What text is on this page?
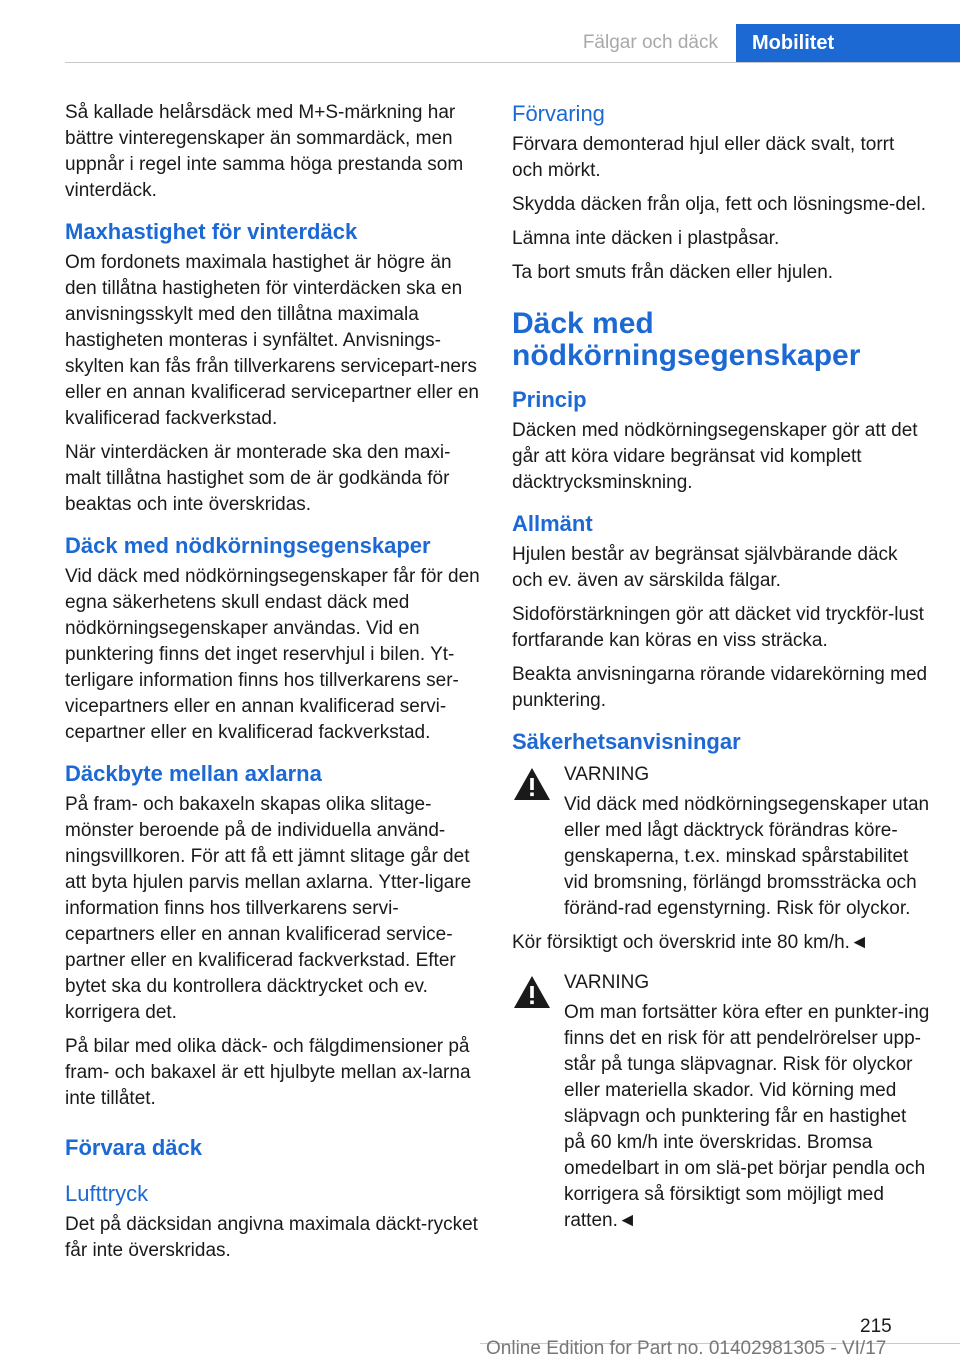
Fälgar och däck	Mobilitet

Så kallade helårsdäck med M+S-märkning har bättre vinteregenskaper än sommardäck, men uppnår i regel inte samma höga prestanda som vinterdäck.

Maxhastighet för vinterdäck

Om fordonets maximala hastighet är högre än den tillåtna hastigheten för vinterdäcken ska en anvisningsskylt med den tillåtna maximala hastigheten monteras i synfältet. Anvisnings-skylten kan fås från tillverkarens servicepart-ners eller en annan kvalificerad servicepartner eller en kvalificerad fackverkstad.

När vinterdäcken är monterade ska den maxi-malt tillåtna hastighet som de är godkända för beaktas och inte överskridas.

Däck med nödkörningsegenskaper

Vid däck med nödkörningsegenskaper får för den egna säkerhetens skull endast däck med nödkörningsegenskaper användas. Vid en punktering finns det inget reservhjul i bilen. Yt-terligare information finns hos tillverkarens ser-vicepartners eller en annan kvalificerad servi-cepartner eller en kvalificerad fackverkstad.

Däckbyte mellan axlarna

På fram- och bakaxeln skapas olika slitage-mönster beroende på de individuella använd-ningsvillkoren. För att få ett jämnt slitage går det att byta hjulen parvis mellan axlarna. Ytter-ligare information finns hos tillverkarens servi-cepartners eller en annan kvalificerad service-partner eller en kvalificerad fackverkstad. Efter bytet ska du kontrollera däcktrycket och ev. korrigera det.

På bilar med olika däck- och fälgdimensioner på fram- och bakaxel är ett hjulbyte mellan ax-larna inte tillåtet.

Förvara däck
Lufttryck

Det på däcksidan angivna maximala däckt-rycket får inte överskridas.

Förvaring

Förvara demonterad hjul eller däck svalt, torrt och mörkt.

Skydda däcken från olja, fett och lösningsme-del.

Lämna inte däcken i plastpåsar.

Ta bort smuts från däcken eller hjulen.

Däck med nödkörningsegenskaper
Princip

Däcken med nödkörningsegenskaper gör att det går att köra vidare begränsat vid komplett däcktrycksminskning.

Allmänt

Hjulen består av begränsat självbärande däck och ev. även av särskilda fälgar.

Sidoförstärkningen gör att däcket vid tryckför-lust fortfarande kan köras en viss sträcka.

Beakta anvisningarna rörande vidarekörning med punktering.

Säkerhetsanvisningar

VARNING

Vid däck med nödkörningsegenskaper utan eller med lågt däcktryck förändras köre-genskaperna, t.ex. minskad spårstabilitet vid bromsning, förlängd bromssträcka och föränd-rad egenstyrning. Risk för olyckor.

Kör försiktigt och överskrid inte 80 km/h.◄

VARNING

Om man fortsätter köra efter en punkter-ing finns det en risk för att pendelrörelser upp-står på tunga släpvagnar. Risk för olyckor eller materiella skador. Vid körning med släpvagn och punktering får en hastighet på 60 km/h inte överskridas. Bromsa omedelbart in om slä-pet börjar pendla och korrigera så försiktigt som möjligt med ratten.◄

215
Online Edition for Part no. 01402981305 - VI/17
